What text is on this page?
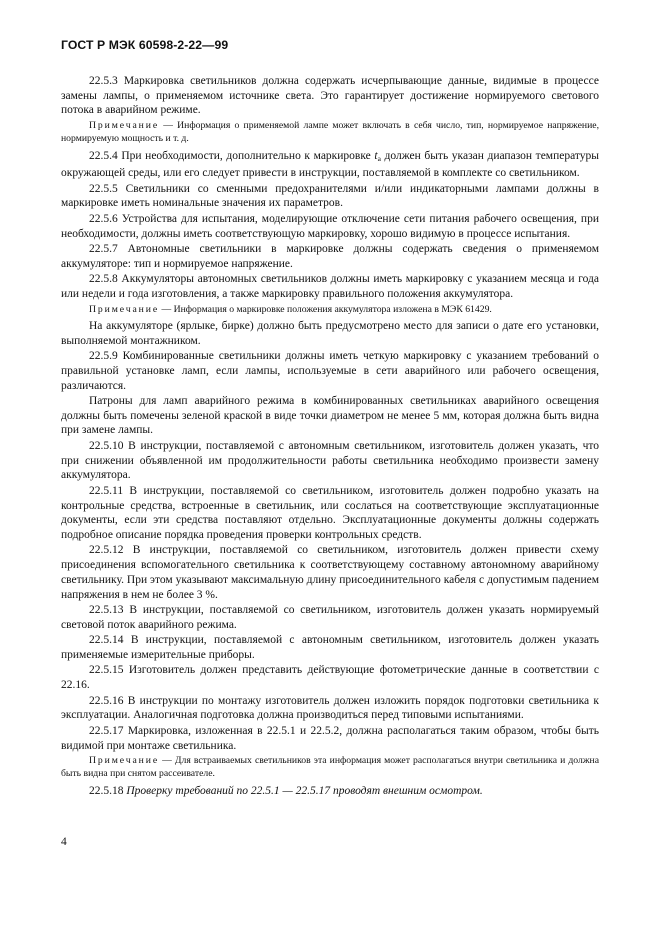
ГОСТ Р МЭК 60598-2-22—99

22.5.3 Маркировка светильников должна содержать исчерпывающие данные, видимые в процессе замены лампы, о применяемом источнике света. Это гарантирует достижение нормируемого светового потока в аварийном режиме.

Примечание — Информация о применяемой лампе может включать в себя число, тип, нормируемое напряжение, нормируемую мощность и т. д.

22.5.4 При необходимости, дополнительно к маркировке $t_a$ должен быть указан диапазон температуры окружающей среды, или его следует привести в инструкции, поставляемой в комплекте со светильником.

22.5.5 Светильники со сменными предохранителями и/или индикаторными лампами должны в маркировке иметь номинальные значения их параметров.

22.5.6 Устройства для испытания, моделирующие отключение сети питания рабочего освещения, при необходимости, должны иметь соответствующую маркировку, хорошо видимую в процессе испытания.

22.5.7 Автономные светильники в маркировке должны содержать сведения о применяемом аккумуляторе: тип и нормируемое напряжение.

22.5.8 Аккумуляторы автономных светильников должны иметь маркировку с указанием месяца и года или недели и года изготовления, а также маркировку правильного положения аккумулятора.

Примечание — Информация о маркировке положения аккумулятора изложена в МЭК 61429.

На аккумуляторе (ярлыке, бирке) должно быть предусмотрено место для записи о дате его установки, выполняемой монтажником.

22.5.9 Комбинированные светильники должны иметь четкую маркировку с указанием требований о правильной установке ламп, если лампы, используемые в сети аварийного или рабочего освещения, различаются.

Патроны для ламп аварийного режима в комбинированных светильниках аварийного освещения должны быть помечены зеленой краской в виде точки диаметром не менее 5 мм, которая должна быть видна при замене лампы.

22.5.10 В инструкции, поставляемой с автономным светильником, изготовитель должен указать, что при снижении объявленной им продолжительности работы светильника необходимо произвести замену аккумулятора.

22.5.11 В инструкции, поставляемой со светильником, изготовитель должен подробно указать на контрольные средства, встроенные в светильник, или сослаться на соответствующие эксплуатационные документы, если эти средства поставляют отдельно. Эксплуатационные документы должны содержать подробное описание порядка проведения проверки контрольных средств.

22.5.12 В инструкции, поставляемой со светильником, изготовитель должен привести схему присоединения вспомогательного светильника к соответствующему составному автономному аварийному светильнику. При этом указывают максимальную длину присоединительного кабеля с допустимым падением напряжения в нем не более 3 %.

22.5.13 В инструкции, поставляемой со светильником, изготовитель должен указать нормируемый световой поток аварийного режима.

22.5.14 В инструкции, поставляемой с автономным светильником, изготовитель должен указать применяемые измерительные приборы.

22.5.15 Изготовитель должен представить действующие фотометрические данные в соответствии с 22.16.

22.5.16 В инструкции по монтажу изготовитель должен изложить порядок подготовки светильника к эксплуатации. Аналогичная подготовка должна производиться перед типовыми испытаниями.

22.5.17 Маркировка, изложенная в 22.5.1 и 22.5.2, должна располагаться таким образом, чтобы быть видимой при монтаже светильника.

Примечание — Для встраиваемых светильников эта информация может располагаться внутри светильника и должна быть видна при снятом рассеивателе.

22.5.18 Проверку требований по 22.5.1 — 22.5.17 проводят внешним осмотром.

4
